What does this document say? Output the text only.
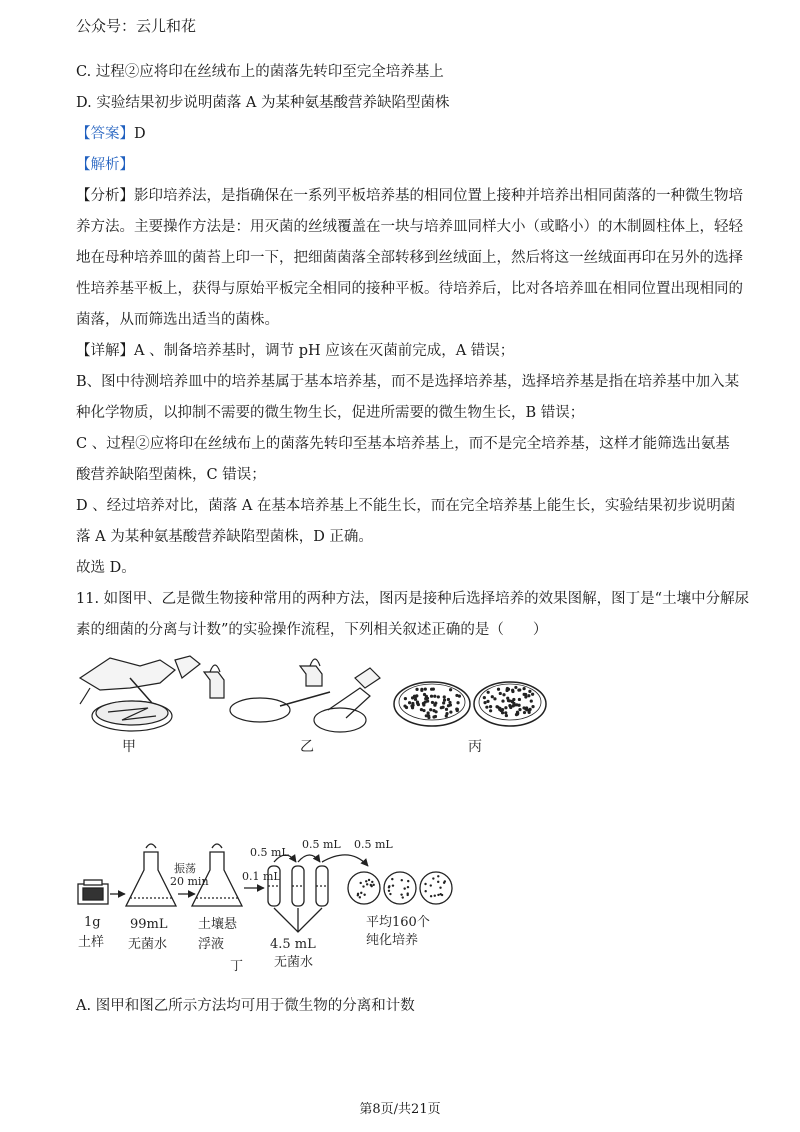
公众号：云儿和花
C. 过程②应将印在丝绒布上的菌落先转印至完全培养基上
D. 实验结果初步说明菌落 A 为某种氨基酸营养缺陷型菌株
【答案】D
【解析】
【分析】影印培养法，是指确保在一系列平板培养基的相同位置上接种并培养出相同菌落的一种微生物培
养方法。主要操作方法是：用灭菌的丝绒覆盖在一块与培养皿同样大小（或略小）的木制圆柱体上，轻轻
地在母种培养皿的菌苔上印一下，把细菌菌落全部转移到丝绒面上，然后将这一丝绒面再印在另外的选择
性培养基平板上，获得与原始平板完全相同的接种平板。待培养后，比对各培养皿在相同位置出现相同的
菌落，从而筛选出适当的菌株。
【详解】A 、制备培养基时，调节 pH 应该在灭菌前完成，A 错误；
B、图中待测培养皿中的培养基属于基本培养基，而不是选择培养基，选择培养基是指在培养基中加入某
种化学物质，以抑制不需要的微生物生长，促进所需要的微生物生长，B 错误；
C 、过程②应将印在丝绒布上的菌落先转印至基本培养基上，而不是完全培养基，这样才能筛选出氨基
酸营养缺陷型菌株，C 错误；
D 、经过培养对比，菌落 A 在基本培养基上不能生长，而在完全培养基上能生长，实验结果初步说明菌
落 A 为某种氨基酸营养缺陷型菌株，D 正确。
故选 D。
11. 如图甲、乙是微生物接种常用的两种方法，图丙是接种后选择培养的效果图解，图丁是“土壤中分解尿
素的细菌的分离与计数”的实验操作流程，下列相关叙述正确的是（　　）
甲	乙	丙
0.5 mL
0.5 mL 0.5 mL
0.1 mL
振荡
20 min
1g
土样
99mL
无菌水
土壤悬
浮液	4.5 mL
无菌水
平均160个
纯化培养
丁
A. 图甲和图乙所示方法均可用于微生物的分离和计数
第8页/共21页
